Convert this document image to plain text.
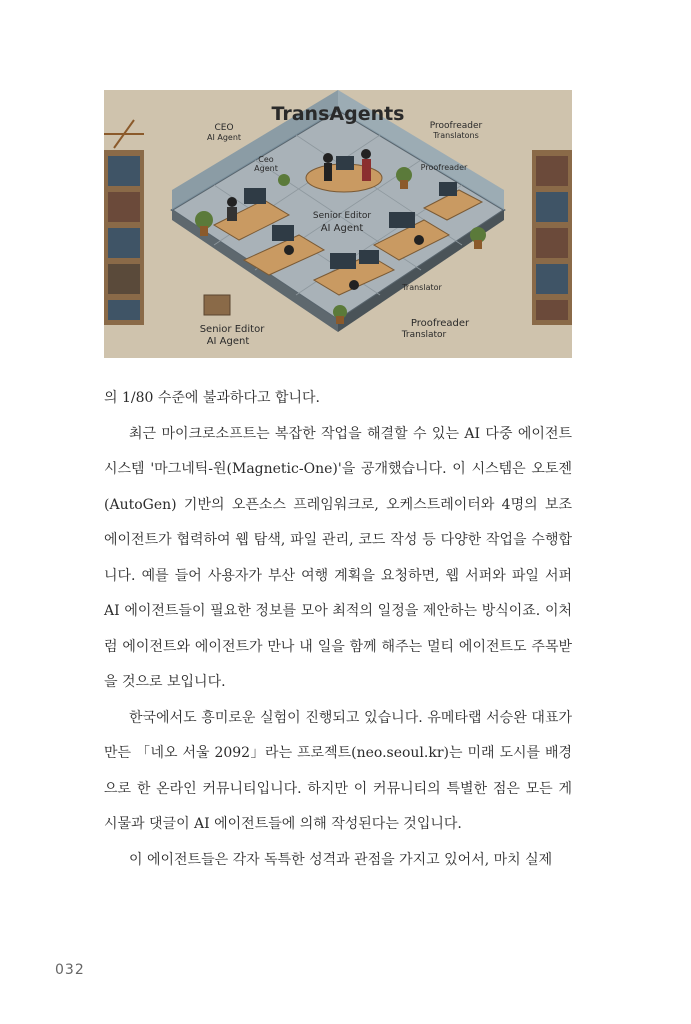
TransAgents
CEO
AI Agent
Ceo
Agent
Proofreader
Translatons
Proofreader
Senior Editor
AI Agent
Translator
Senior Editor
AI Agent
Proofreader
Translator

의 1/80 수준에 불과하다고 합니다.

최근 마이크로소프트는 복잡한 작업을 해결할 수 있는 AI 다중 에이전트 시스템 '마그네틱-원(Magnetic-One)'을 공개했습니다. 이 시스템은 오토젠(AutoGen) 기반의 오픈소스 프레임워크로, 오케스트레이터와 4명의 보조 에이전트가 협력하여 웹 탐색, 파일 관리, 코드 작성 등 다양한 작업을 수행합니다. 예를 들어 사용자가 부산 여행 계획을 요청하면, 웹 서퍼와 파일 서퍼 AI 에이전트들이 필요한 정보를 모아 최적의 일정을 제안하는 방식이죠. 이처럼 에이전트와 에이전트가 만나 내 일을 함께 해주는 멀티 에이전트도 주목받을 것으로 보입니다.

한국에서도 흥미로운 실험이 진행되고 있습니다. 유메타랩 서승완 대표가 만든 「네오 서울 2092」라는 프로젝트(neo.seoul.kr)는 미래 도시를 배경으로 한 온라인 커뮤니티입니다. 하지만 이 커뮤니티의 특별한 점은 모든 게시물과 댓글이 AI 에이전트들에 의해 작성된다는 것입니다.

이 에이전트들은 각자 독특한 성격과 관점을 가지고 있어서, 마치 실제

032
